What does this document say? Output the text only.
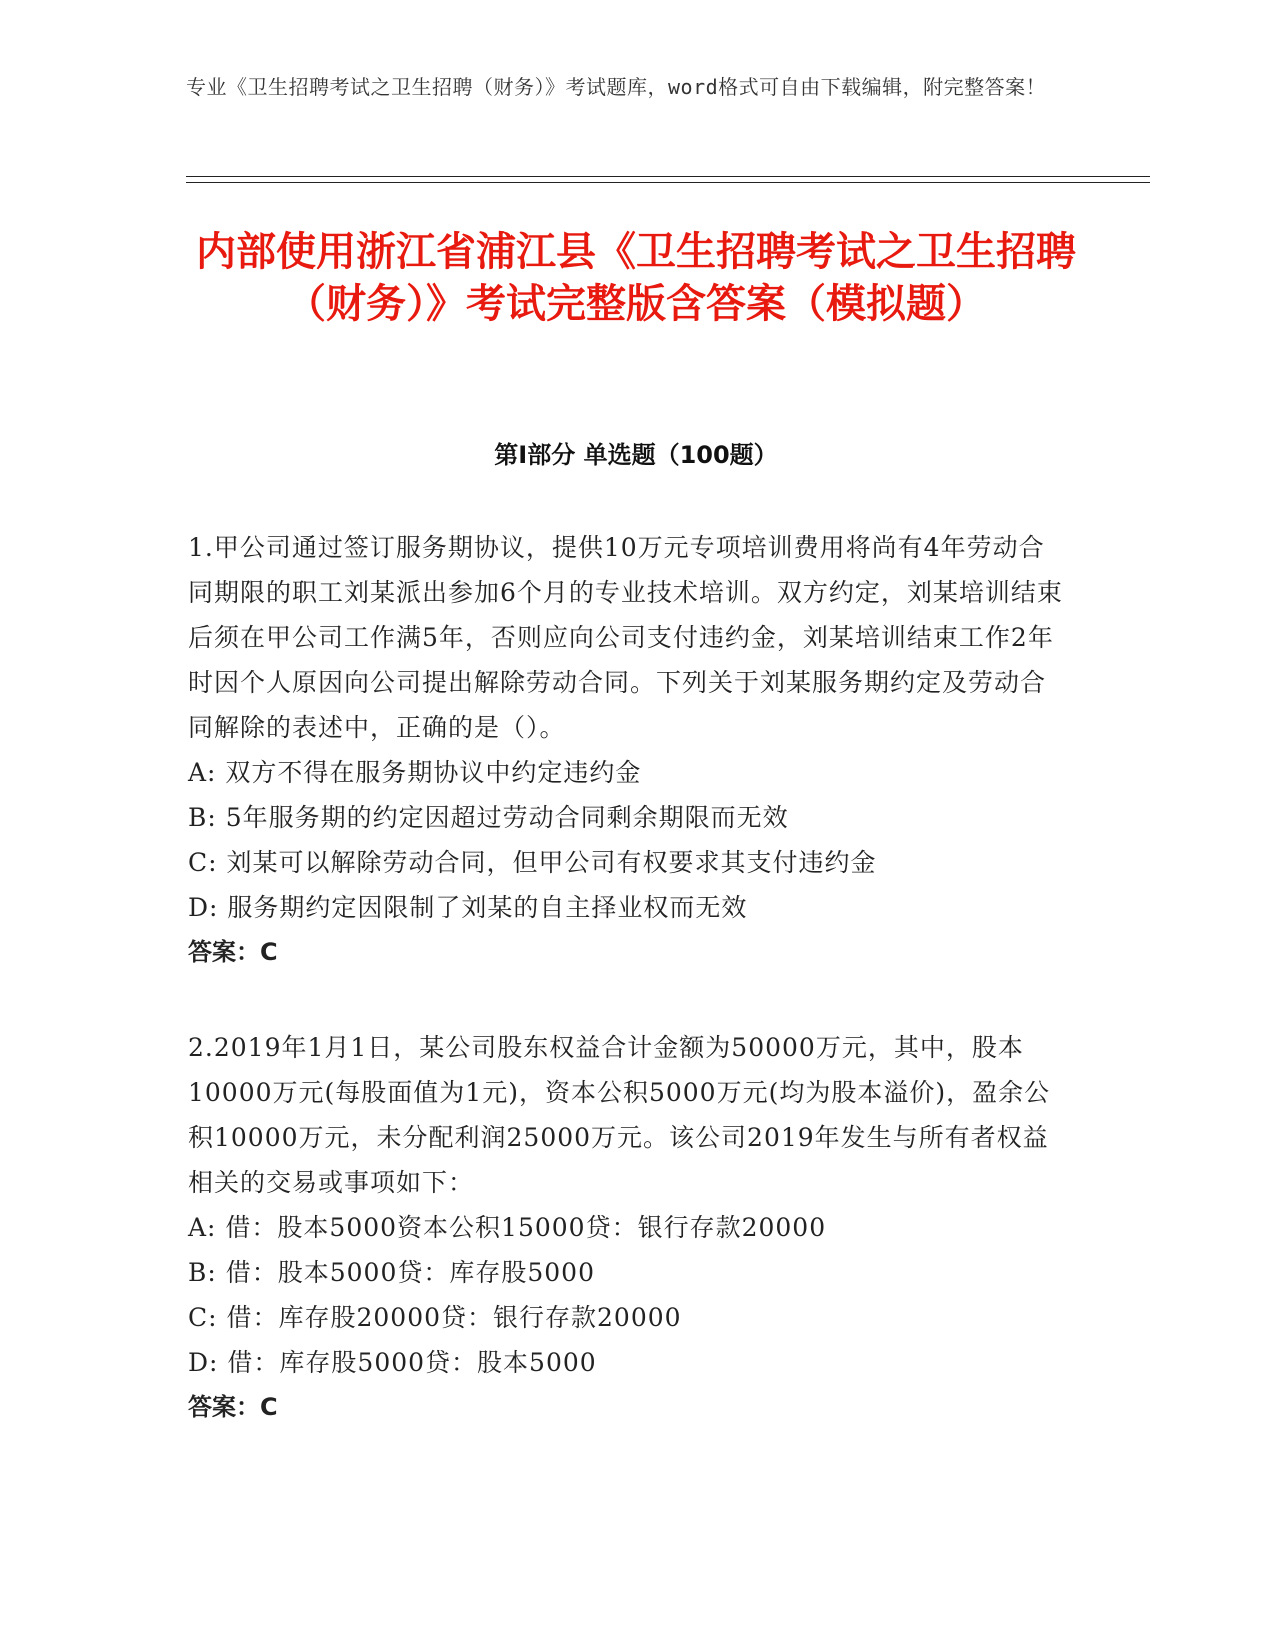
专业《卫生招聘考试之卫生招聘（财务）》考试题库，word格式可自由下载编辑，附完整答案！
内部使用浙江省浦江县《卫生招聘考试之卫生招聘（财务）》考试完整版含答案（模拟题）
第I部分 单选题（100题）

1.甲公司通过签订服务期协议，提供10万元专项培训费用将尚有4年劳动合同期限的职工刘某派出参加6个月的专业技术培训。双方约定，刘某培训结束后须在甲公司工作满5年，否则应向公司支付违约金，刘某培训结束工作2年时因个人原因向公司提出解除劳动合同。下列关于刘某服务期约定及劳动合同解除的表述中，正确的是（）。

A: 双方不得在服务期协议中约定违约金

B: 5年服务期的约定因超过劳动合同剩余期限而无效

C: 刘某可以解除劳动合同，但甲公司有权要求其支付违约金

D: 服务期约定因限制了刘某的自主择业权而无效

答案：C

2.2019年1月1日，某公司股东权益合计金额为50000万元，其中，股本10000万元(每股面值为1元)，资本公积5000万元(均为股本溢价)，盈余公积10000万元，未分配利润25000万元。该公司2019年发生与所有者权益相关的交易或事项如下：

A: 借：股本5000资本公积15000贷：银行存款20000

B: 借：股本5000贷：库存股5000

C: 借：库存股20000贷：银行存款20000

D: 借：库存股5000贷：股本5000

答案：C
